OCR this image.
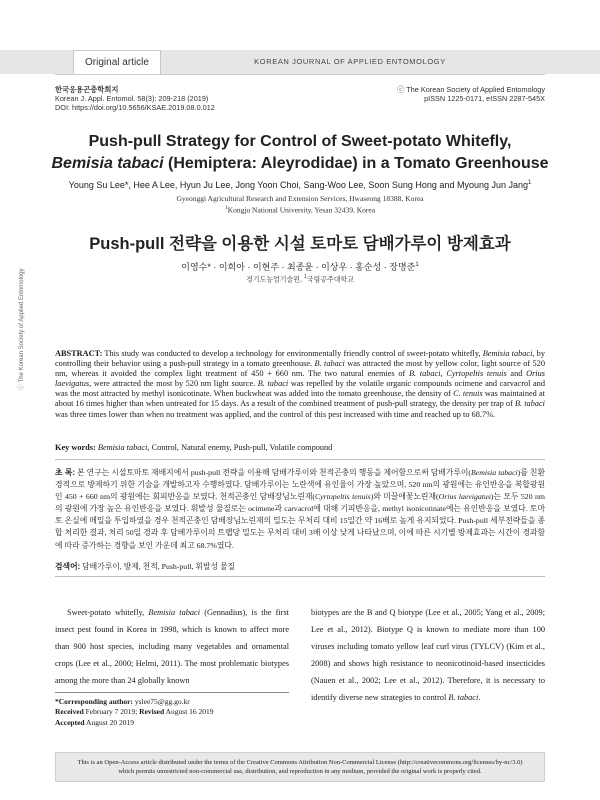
Original article	KOREAN JOURNAL OF APPLIED ENTOMOLOGY
한국응용곤충학회지
Korean J. Appl. Entomol. 58(3): 209-218 (2019)
DOI: https://doi.org/10.5656/KSAE.2019.08.0.012
ⓒ The Korean Society of Applied Entomology
pISSN 1225-0171, eISSN 2287-545X
Push-pull Strategy for Control of Sweet-potato Whitefly,
Bemisia tabaci (Hemiptera: Aleyrodidae) in a Tomato Greenhouse
Young Su Lee*, Hee A Lee, Hyun Ju Lee, Jong Yoon Choi, Sang-Woo Lee, Soon Sung Hong and Myoung Jun Jang$^1$
Gyeonggi Agricultural Research and Extension Services, Hwaseong 18388, Korea
$^1$Kongju National University, Yesan 32439, Korea
Push-pull 전략을 이용한 시설 토마토 담배가루이 방제효과
이영수* · 이희아 · 이현주 · 최종윤 · 이상우 · 홍순성 · 장명준$^1$
경기도농업기술원, $^1$국립공주대학교
ⓒ The Korean Society of Applied Entomology	ABSTRACT: This study was conducted to develop a technology for environmentally friendly control of sweet-potato whitefly, Bemisia tabaci, by controlling their behavior using a push-pull strategy in a tomato greenhouse. B. tabaci was attracted the most by yellow color, light source of 520 nm, whereas it avoided the complex light treatment of 450 + 660 nm. The two natural enemies of B. tabaci, Cyrtopeltis tenuis and Orius laevigatus, were attracted the most by 520 nm light source. B. tabaci was repelled by the volatile organic compounds ocimene and carvacrol and was the most attracted by methyl isonicotinate. When buckwheat was added into the tomato greenhouse, the density of C. tenuis was maintained at about 16 times higher than when untreated for 15 days. As a result of the combined treatment of push-pull strategy, the density per trap of B. tabaci was three times lower than when no treatment was applied, and the control of this pest increased with time and reached up to 68.7%.
Key words: Bemisia tabaci, Control, Natural enemy, Push-pull, Volatile compound
초 록: 본 연구는 시설토마토 재배지에서 push-pull 전략을 이용해 담배가루이와 천적곤충의 행동을 제어함으로써 담배가루이(Bemisia tabaci)를 친환경적으로 방제하기 위한 기술을 개발하고자 수행하였다. 담배가루이는 노란색에 유인율이 가장 높았으며, 520 nm의 광원에는 유인반응을 복합광원인 450 + 660 nm의 광원에는 회피반응을 보였다. 천적곤충인 담배장님노린재(Cyrtopeltis tenuis)와 미끌애꽃노린재(Orius laevigatus)는 모두 520 nm의 광원에 가장 높은 유인반응을 보였다. 휘발성 물질로는 ocimene과 carvacrol에 대해 기피반응을, methyl isonicotinate에는 유인반응을 보였다. 토마토 온실에 메밀을 투입하였을 경우 천적곤충인 담배장님노린재의 밀도는 무처리 대비 15일간 약 16배로 높게 유지되었다. Push-pull 세부전략들을 종합 처리한 결과, 처리 50일 경과 후 담배가루이의 트랩당 밀도는 무처리 대비 3배 이상 낮게 나타났으며, 이에 따른 시기별 방제효과는 시간이 경과함에 따라 증가하는 경향을 보인 가운데 최고 68.7%였다.
검색어: 담배가루이, 방제, 천적, Push-pull, 휘발성 물질
Sweet-potato whitefly, Bemisia tabaci (Gennadius), is the first insect pest found in Korea in 1998, which is known to affect more than 900 host species, including many vegetables and ornamental crops (Lee et al., 2000; Helmi, 2011). The most problematic biotypes among the more than 24 globally known
biotypes are the B and Q biotype (Lee et al., 2005; Yang et al., 2009; Lee et al., 2012). Biotype Q is known to mediate more than 100 viruses including tomato yellow leaf curl virus (TYLCV) (Kim et al., 2008) and shows high resistance to neonicotinoid-based insecticides (Nauen et al., 2002; Lee et al., 2012). Therefore, it is necessary to identify diverse new strategies to control B. tabaci.
*Corresponding author: yslee75@gg.go.kr
Received February 7 2019; Revised August 16 2019
Accepted August 20 2019
This is an Open-Access article distributed under the terms of the Creative Commons Attribution Non-Commercial License (http://creativecommons.org/licenses/by-nc/3.0)
which permits unrestricted non-commercial use, distribution, and reproduction in any medium, provided the original work is properly cited.
